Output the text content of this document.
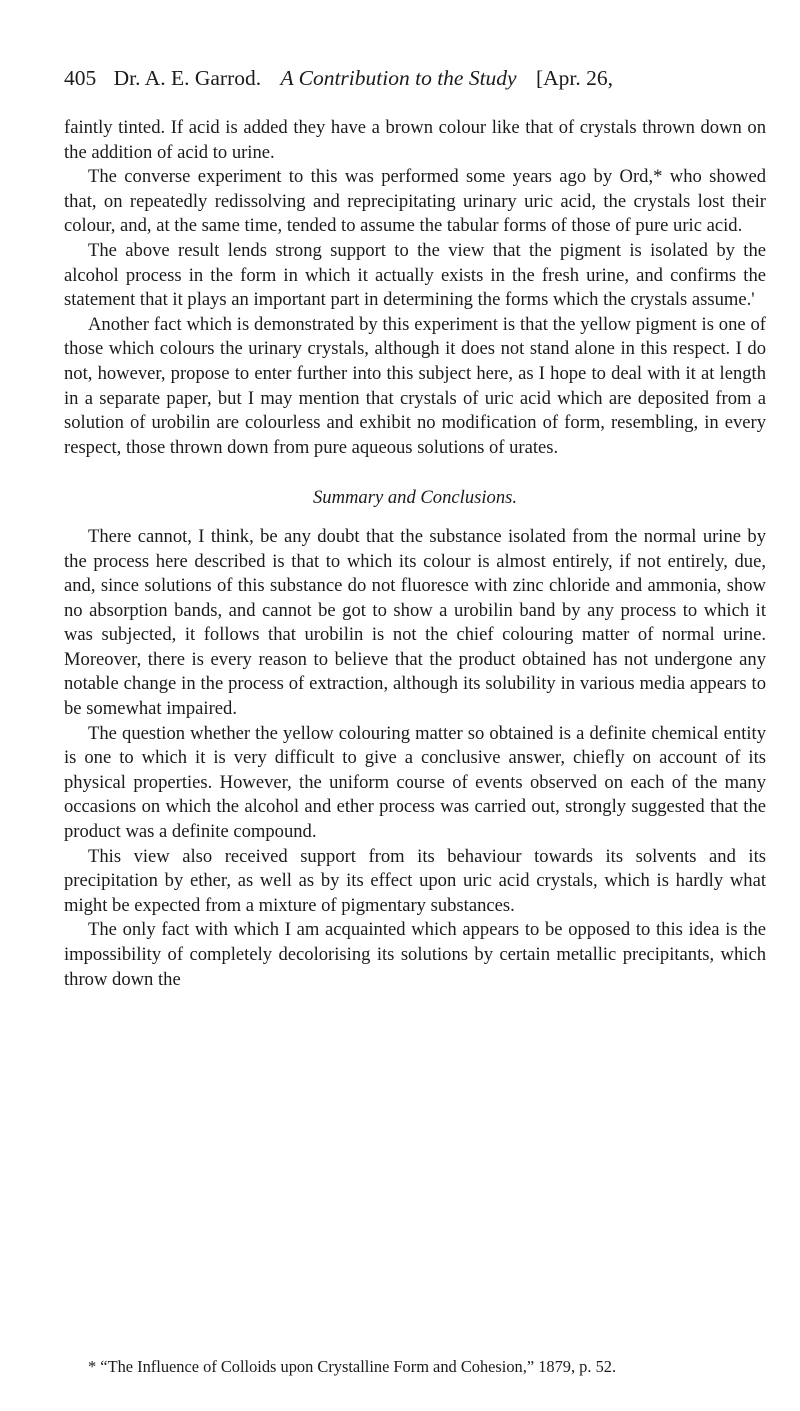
405 Dr. A. E. Garrod. A Contribution to the Study [Apr. 26,

faintly tinted. If acid is added they have a brown colour like that of crystals thrown down on the addition of acid to urine.

The converse experiment to this was performed some years ago by Ord,* who showed that, on repeatedly redissolving and reprecipitating urinary uric acid, the crystals lost their colour, and, at the same time, tended to assume the tabular forms of those of pure uric acid.

The above result lends strong support to the view that the pigment is isolated by the alcohol process in the form in which it actually exists in the fresh urine, and confirms the statement that it plays an important part in determining the forms which the crystals assume.'

Another fact which is demonstrated by this experiment is that the yellow pigment is one of those which colours the urinary crystals, although it does not stand alone in this respect. I do not, however, propose to enter further into this subject here, as I hope to deal with it at length in a separate paper, but I may mention that crystals of uric acid which are deposited from a solution of urobilin are colourless and exhibit no modification of form, resembling, in every respect, those thrown down from pure aqueous solutions of urates.

Summary and Conclusions.

There cannot, I think, be any doubt that the substance isolated from the normal urine by the process here described is that to which its colour is almost entirely, if not entirely, due, and, since solutions of this substance do not fluoresce with zinc chloride and ammonia, show no absorption bands, and cannot be got to show a urobilin band by any process to which it was subjected, it follows that urobilin is not the chief colouring matter of normal urine. Moreover, there is every reason to believe that the product obtained has not undergone any notable change in the process of extraction, although its solubility in various media appears to be somewhat impaired.

The question whether the yellow colouring matter so obtained is a definite chemical entity is one to which it is very difficult to give a conclusive answer, chiefly on account of its physical properties. However, the uniform course of events observed on each of the many occasions on which the alcohol and ether process was carried out, strongly suggested that the product was a definite compound.

This view also received support from its behaviour towards its solvents and its precipitation by ether, as well as by its effect upon uric acid crystals, which is hardly what might be expected from a mixture of pigmentary substances.

The only fact with which I am acquainted which appears to be opposed to this idea is the impossibility of completely decolorising its solutions by certain metallic precipitants, which throw down the

* “The Influence of Colloids upon Crystalline Form and Cohesion,” 1879, p. 52.
